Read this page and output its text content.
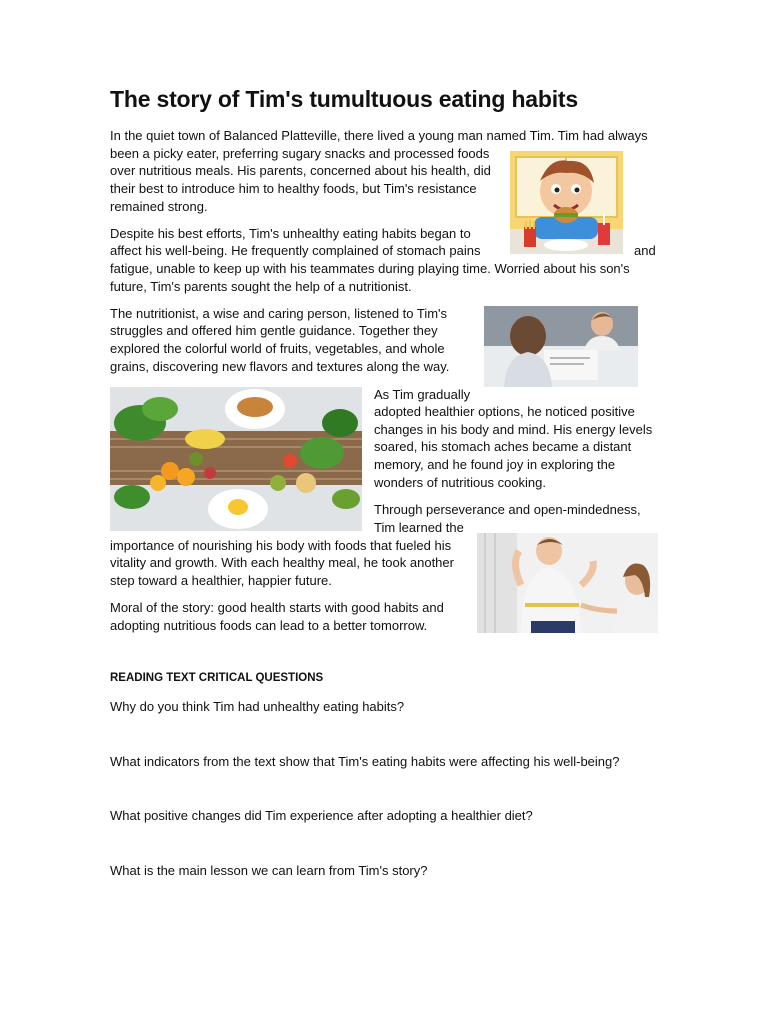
The story of Tim's tumultuous eating habits
In the quiet town of Balanced Platteville, there lived a young man named Tim. Tim had always
been a picky eater, preferring sugary snacks and processed foods
over nutritious meals. His parents, concerned about his health, did
their best to introduce him to healthy foods, but Tim's resistance
remained strong.
Despite his best efforts, Tim's unhealthy eating habits began to
affect his well-being. He frequently complained of stomach pains	and
fatigue, unable to keep up with his teammates during playing time. Worried about his son's
future, Tim's parents sought the help of a nutritionist.
The nutritionist, a wise and caring person, listened to Tim's
struggles and offered him gentle guidance. Together they
explored the colorful world of fruits, vegetables, and whole
grains, discovering new flavors and textures along the way.
As Tim gradually
adopted healthier options, he noticed positive
changes in his body and mind. His energy levels
soared, his stomach aches became a distant
memory, and he found joy in exploring the
wonders of nutritious cooking.
Through perseverance and open-mindedness,
Tim learned the
importance of nourishing his body with foods that fueled his
vitality and growth. With each healthy meal, he took another
step toward a healthier, happier future.
Moral of the story: good health starts with good habits and
adopting nutritious foods can lead to a better tomorrow.
READING TEXT CRITICAL QUESTIONS
Why do you think Tim had unhealthy eating habits?
What indicators from the text show that Tim's eating habits were affecting his well-being?
What positive changes did Tim experience after adopting a healthier diet?
What is the main lesson we can learn from Tim's story?
